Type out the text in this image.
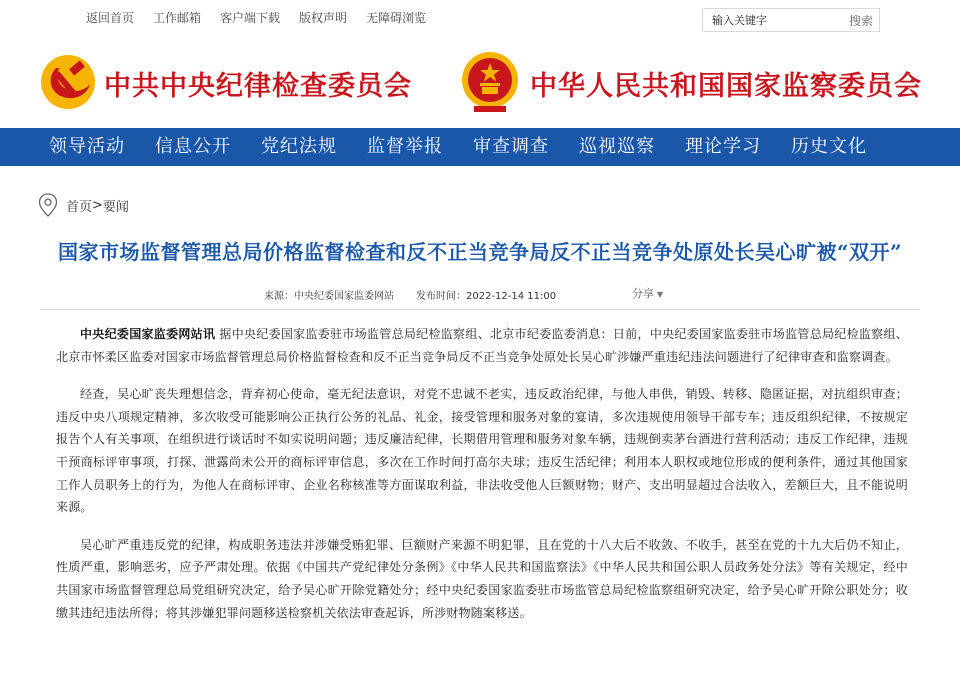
返回首页 工作邮箱 客户端下载 版权声明 无障碍浏览
输入关键字	搜索
中共中央纪律检查委员会	中华人民共和国国家监察委员会
领导活动 信息公开 党纪法规 监督举报 审查调查 巡视巡察 理论学习 历史文化
首页 > 要闻
国家市场监督管理总局价格监督检查和反不正当竞争局反不正当竞争处原处长吴心旷被“双开”
来源：中央纪委国家监委网站 发布时间：2022-12-14 11:00	分享 ▼

中央纪委国家监委网站讯 据中央纪委国家监委驻市场监管总局纪检监察组、北京市纪委监委消息：日前，中央纪委国家监委驻市场监管总局纪检监察组、北京市怀柔区监委对国家市场监督管理总局价格监督检查和反不正当竞争局反不正当竞争处原处长吴心旷涉嫌严重违纪违法问题进行了纪律审查和监察调查。

经查，吴心旷丧失理想信念，背弃初心使命，毫无纪法意识，对党不忠诚不老实，违反政治纪律，与他人串供，销毁、转移、隐匿证据，对抗组织审查；违反中央八项规定精神，多次收受可能影响公正执行公务的礼品、礼金，接受管理和服务对象的宴请，多次违规使用领导干部专车；违反组织纪律，不按规定报告个人有关事项，在组织进行谈话时不如实说明问题；违反廉洁纪律，长期借用管理和服务对象车辆，违规倒卖茅台酒进行营利活动；违反工作纪律，违规干预商标评审事项，打探、泄露尚未公开的商标评审信息，多次在工作时间打高尔夫球；违反生活纪律；利用本人职权或地位形成的便利条件，通过其他国家工作人员职务上的行为，为他人在商标评审、企业名称核准等方面谋取利益，非法收受他人巨额财物；财产、支出明显超过合法收入，差额巨大，且不能说明来源。

吴心旷严重违反党的纪律，构成职务违法并涉嫌受贿犯罪、巨额财产来源不明犯罪，且在党的十八大后不收敛、不收手，甚至在党的十九大后仍不知止，性质严重，影响恶劣，应予严肃处理。依据《中国共产党纪律处分条例》《中华人民共和国监察法》《中华人民共和国公职人员政务处分法》等有关规定，经中共国家市场监督管理总局党组研究决定，给予吴心旷开除党籍处分；经中央纪委国家监委驻市场监管总局纪检监察组研究决定，给予吴心旷开除公职处分；收缴其违纪违法所得；将其涉嫌犯罪问题移送检察机关依法审查起诉，所涉财物随案移送。
